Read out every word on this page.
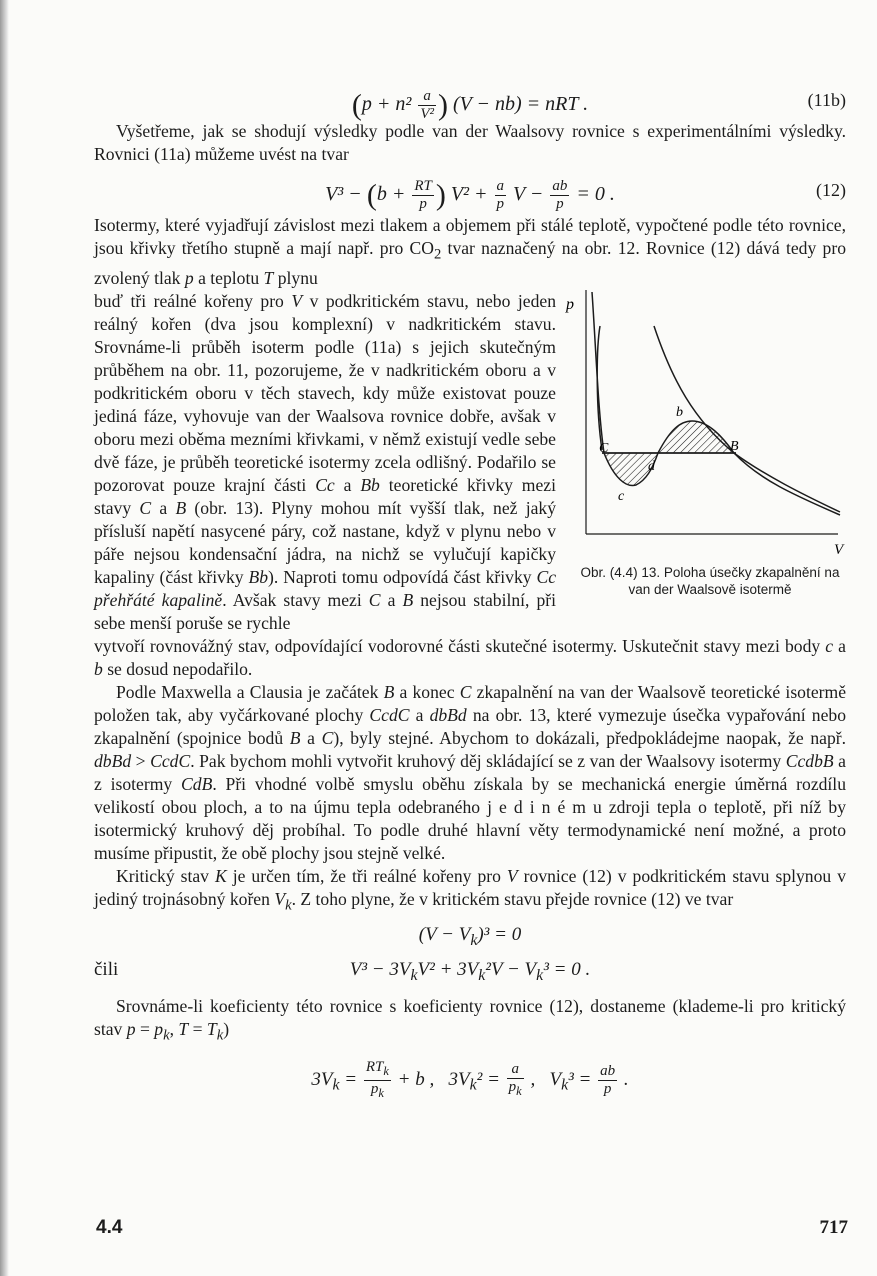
($p + n^2 \frac{a}{\text{V²}}$ ) (V − nb) = nRT .	(11b)

Vyšetřeme, jak se shodují výsledky podle van der Waalsovy rovnice s experimentálními výsledky. Rovnici (11a) můžeme uvést na tvar

$V^3 - (b + \frac{RT}{p}$ ) $V^2 + \frac{a}{p}$ $V - \frac{ab}{p} = 0$ .	(12)

Isotermy, které vyjadřují závislost mezi tlakem a objemem při stálé teplotě, vypočtené podle této rovnice, jsou křivky třetího stupně a mají např. pro $CO_2$ tvar naznačený na obr. 12. Rovnice (12) dává tedy pro zvolený tlak p a teplotu T plynu

buď tři reálné kořeny pro V v podkritickém stavu, nebo jeden reálný kořen (dva jsou komplexní) v nadkritickém stavu. Srovnáme-li průběh isoterm podle (11a) s jejich skutečným průběhem na obr. 11, pozorujeme, že v nadkritickém oboru a v podkritickém oboru v těch stavech, kdy může existovat pouze jediná fáze, vyhovuje van der Waalsova rovnice dobře, avšak v oboru mezi oběma mezními křivkami, v němž existují vedle sebe dvě fáze, je průběh teoretické isotermy zcela odlišný. Podařilo se pozorovat pouze krajní části Cc a Bb teoretické křivky mezi stavy C a B (obr. 13). Plyny mohou mít vyšší tlak, než jaký přísluší napětí nasycené páry, což nastane, když v plynu nebo v páře nejsou kondensační jádra, na nichž se vylučují kapičky kapaliny (část křivky Bb). Naproti tomu odpovídá část křivky Cc přehřáté kapalině. Avšak stavy mezi C a B nejsou stabilní, při sebe menší poruše se rychle

p
V
C
c
d
b
B
Obr. (4.4) 13. Poloha úsečky zkapalnění na van der Waalsově isotermě

vytvoří rovnovážný stav, odpovídající vodorovné části skutečné isotermy. Uskutečnit stavy mezi body c a b se dosud nepodařilo.

Podle Maxwella a Clausia je začátek B a konec C zkapalnění na van der Waalsově teoretické isotermě položen tak, aby vyčárkované plochy CcdC a dbBd na obr. 13, které vymezuje úsečka vypařování nebo zkapalnění (spojnice bodů B a C), byly stejné. Abychom to dokázali, předpokládejme naopak, že např. dbBd > CcdC. Pak bychom mohli vytvořit kruhový děj skládající se z van der Waalsovy isotermy CcdbB a z isotermy CdB. Při vhodné volbě smyslu oběhu získala by se mechanická energie úměrná rozdílu velikostí obou ploch, a to na újmu tepla odebraného j e d i n é m u zdroji tepla o teplotě, při níž by isotermický kruhový děj probíhal. To podle druhé hlavní věty termodynamické není možné, a proto musíme připustit, že obě plochy jsou stejně velké.

Kritický stav K je určen tím, že tři reálné kořeny pro V rovnice (12) v podkritickém stavu splynou v jediný trojnásobný kořen $V_k$. Z toho plyne, že v kritickém stavu přejde rovnice (12) ve tvar

$(V - V_k)^3 = 0$
čili	$V^3 - 3V_kV^2 + 3V_k^2V - V_k^3 = 0$ .

Srovnáme-li koeficienty této rovnice s koeficienty rovnice (12), dostaneme (klademe-li pro kritický stav $p = p_k$, $T = T_k$)

$3V_k = \frac{RT_k}{p_k} + b$ ,   $3V_k^2 = \frac{a}{p_k}$ ,   $V_k^3 = \frac{ab}{p}$ .
4.4	717
